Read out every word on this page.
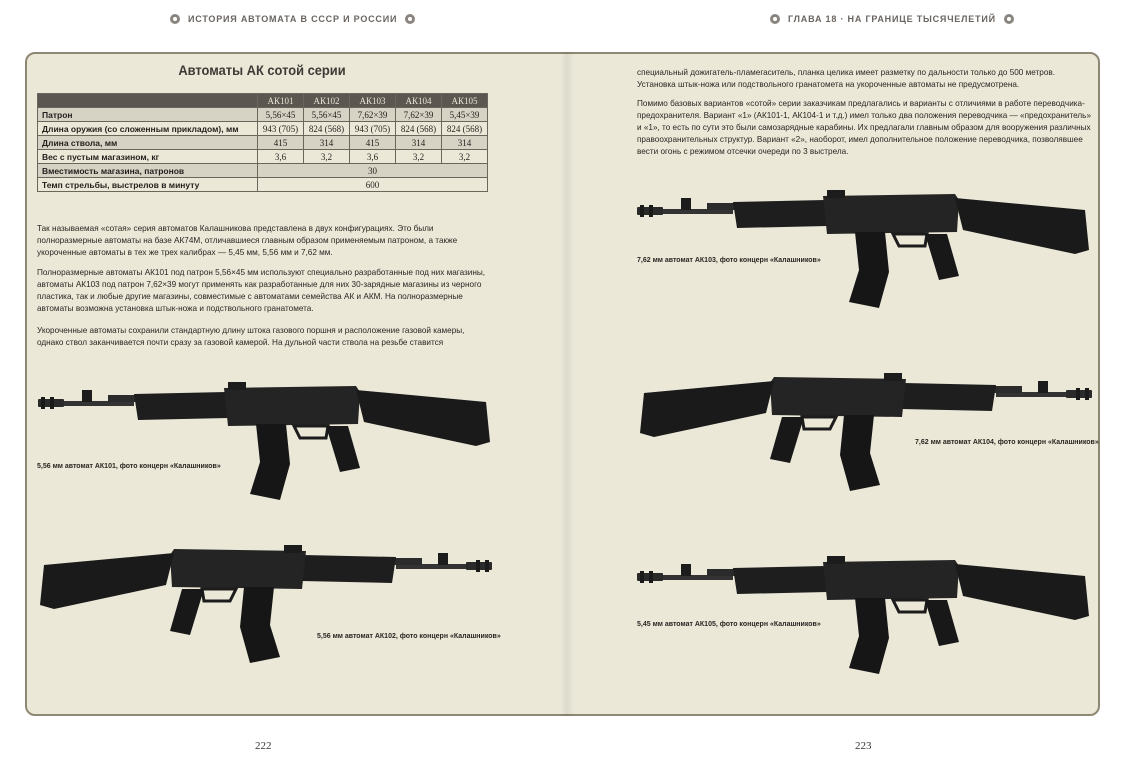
ИСТОРИЯ АВТОМАТА В СССР И РОССИИ	ГЛАВА 18 · НА ГРАНИЦЕ ТЫСЯЧЕЛЕТИЙ
Автоматы АК сотой серии
	АК101	АК102	АК103	АК104	АК105
Патрон	5,56×45	5,56×45	7,62×39	7,62×39	5,45×39
Длина оружия (со сложенным прикладом), мм	943 (705)	824 (568)	943 (705)	824 (568)	824 (568)
Длина ствола, мм	415	314	415	314	314
Вес с пустым магазином, кг	3,6	3,2	3,6	3,2	3,2
Вместимость магазина, патронов	30				
Темп стрельбы, выстрелов в минуту	600				

Так называемая «сотая» серия автоматов Калашникова представлена в двух конфигурациях. Это были полноразмерные автоматы на базе АК74М, отличавшиеся главным образом применяемым патроном, а также укороченные автоматы в тех же трех калибрах — 5,45 мм, 5,56 мм и 7,62 мм.

Полноразмерные автоматы АК101 под патрон 5,56×45 мм используют специально разработанные под них магазины, автоматы АК103 под патрон 7,62×39 могут применять как разработанные для них 30-зарядные магазины из черного пластика, так и любые другие магазины, совместимые с автоматами семейства АК и АКМ. На полноразмерные автоматы возможна установка штык-ножа и подствольного гранатомета.

Укороченные автоматы сохранили стандартную длину штока газового поршня и расположение газовой камеры, однако ствол заканчивается почти сразу за газовой камерой. На дульной части ствола на резьбе ставится

специальный дожигатель-пламегаситель, планка целика имеет разметку по дальности только до 500 метров. Установка штык-ножа или подствольного гранатомета на укороченные автоматы не предусмотрена.

Помимо базовых вариантов «сотой» серии заказчикам предлагались и варианты с отличиями в работе переводчика-предохранителя. Вариант «1» (АК101-1, АК104-1 и т.д.) имел только два положения переводчика — «предохранитель» и «1», то есть по сути это были самозарядные карабины. Их предлагали главным образом для вооружения различных правоохранительных структур. Вариант «2», наоборот, имел дополнительное положение переводчика, позволявшее вести огонь с режимом отсечки очереди по 3 выстрела.

5,56 мм автомат АК101, фото концерн «Калашников»
5,56 мм автомат АК102, фото концерн «Калашников»
7,62 мм автомат АК103, фото концерн «Калашников»
7,62 мм автомат АК104, фото концерн «Калашников»
5,45 мм автомат АК105, фото концерн «Калашников»
222	223
